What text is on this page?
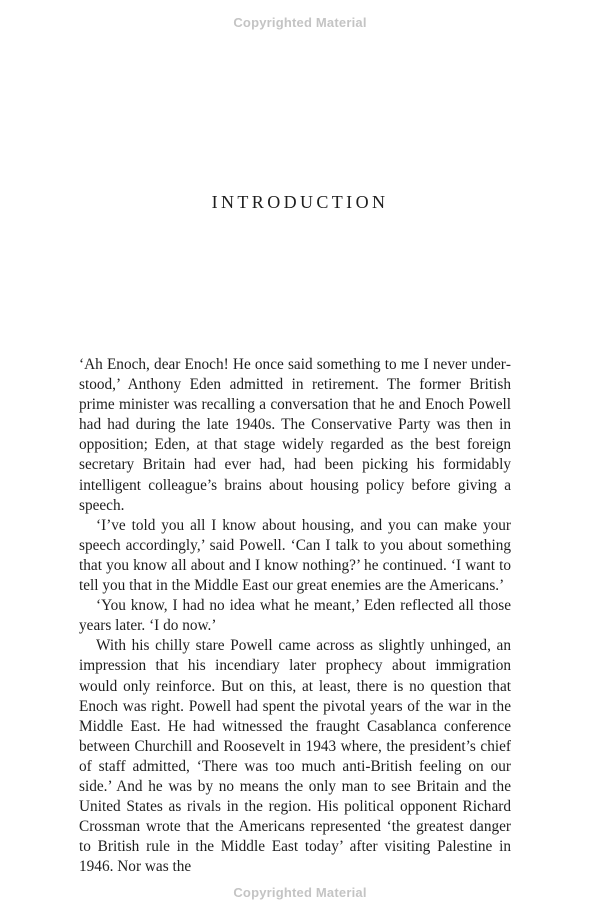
Copyrighted Material
INTRODUCTION

‘Ah Enoch, dear Enoch! He once said something to me I never understood,’ Anthony Eden admitted in retirement. The former British prime minister was recalling a conversation that he and Enoch Powell had had during the late 1940s. The Conservative Party was then in opposition; Eden, at that stage widely regarded as the best foreign secretary Britain had ever had, had been picking his formidably intelligent colleague’s brains about housing policy before giving a speech.

‘I’ve told you all I know about housing, and you can make your speech accordingly,’ said Powell. ‘Can I talk to you about something that you know all about and I know nothing?’ he continued. ‘I want to tell you that in the Middle East our great enemies are the Americans.’

‘You know, I had no idea what he meant,’ Eden reflected all those years later. ‘I do now.’

With his chilly stare Powell came across as slightly unhinged, an impression that his incendiary later prophecy about immigration would only reinforce. But on this, at least, there is no question that Enoch was right. Powell had spent the pivotal years of the war in the Middle East. He had witnessed the fraught Casablanca conference between Churchill and Roosevelt in 1943 where, the president’s chief of staff admitted, ‘There was too much anti-British feeling on our side.’ And he was by no means the only man to see Britain and the United States as rivals in the region. His political opponent Richard Crossman wrote that the Americans represented ‘the greatest danger to British rule in the Middle East today’ after visiting Palestine in 1946. Nor was the

Copyrighted Material
